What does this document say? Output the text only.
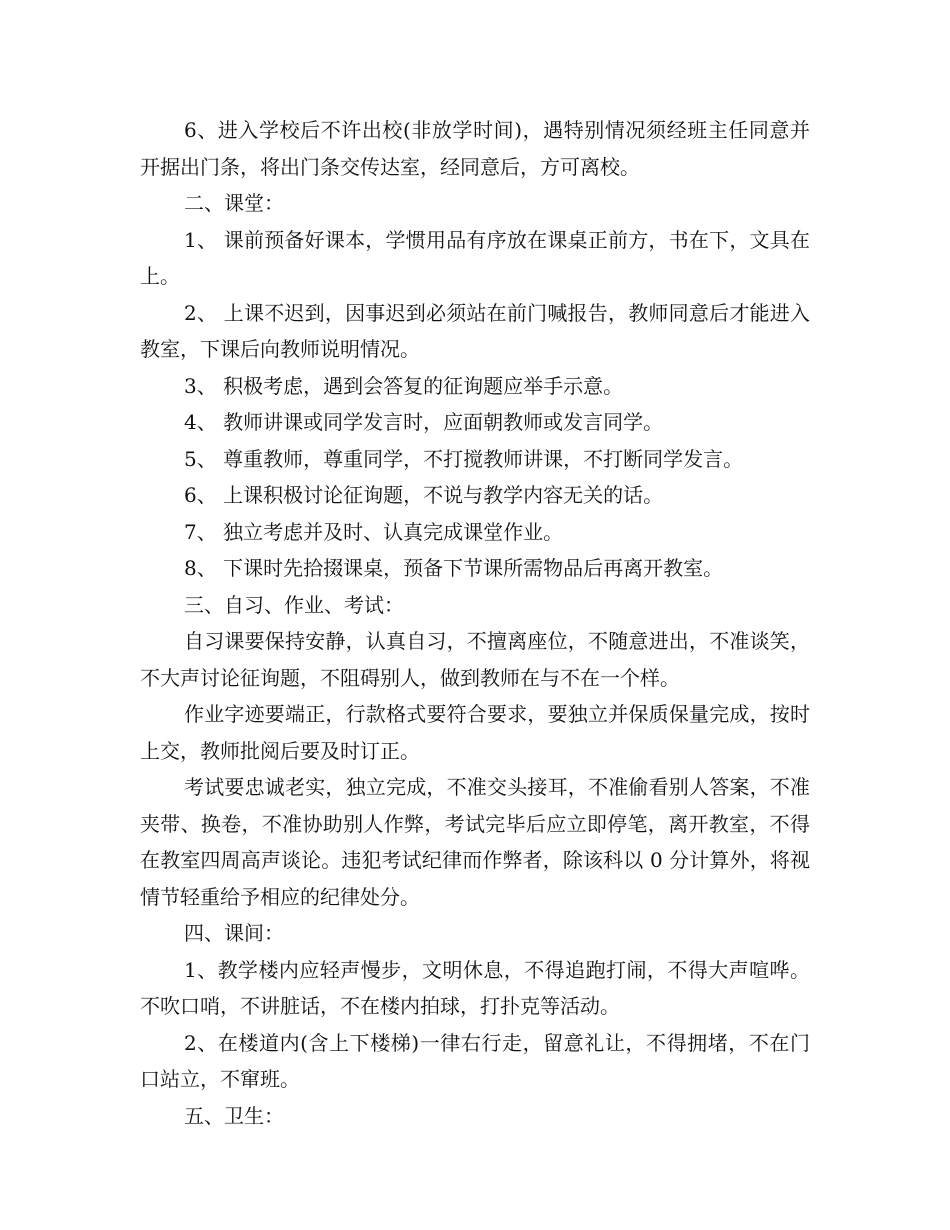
6、进入学校后不许出校(非放学时间)，遇特别情况须经班主任同意并开据出门条，将出门条交传达室，经同意后，方可离校。

二、课堂：

1、 课前预备好课本，学惯用品有序放在课桌正前方，书在下，文具在上。

2、 上课不迟到，因事迟到必须站在前门喊报告，教师同意后才能进入教室，下课后向教师说明情况。

3、 积极考虑，遇到会答复的征询题应举手示意。

4、 教师讲课或同学发言时，应面朝教师或发言同学。

5、 尊重教师，尊重同学，不打搅教师讲课，不打断同学发言。

6、 上课积极讨论征询题，不说与教学内容无关的话。

7、 独立考虑并及时、认真完成课堂作业。

8、 下课时先拾掇课桌，预备下节课所需物品后再离开教室。

三、自习、作业、考试：

自习课要保持安静，认真自习，不擅离座位，不随意进出，不准谈笑，不大声讨论征询题，不阻碍别人，做到教师在与不在一个样。

作业字迹要端正，行款格式要符合要求，要独立并保质保量完成，按时上交，教师批阅后要及时订正。

考试要忠诚老实，独立完成，不准交头接耳，不准偷看别人答案，不准夹带、换卷，不准协助别人作弊，考试完毕后应立即停笔，离开教室，不得在教室四周高声谈论。违犯考试纪律而作弊者，除该科以 0 分计算外，将视情节轻重给予相应的纪律处分。

四、课间：

1、教学楼内应轻声慢步，文明休息，不得追跑打闹，不得大声喧哗。不吹口哨，不讲脏话，不在楼内拍球，打扑克等活动。

2、在楼道内(含上下楼梯)一律右行走，留意礼让，不得拥堵，不在门口站立，不窜班。

五、卫生：
